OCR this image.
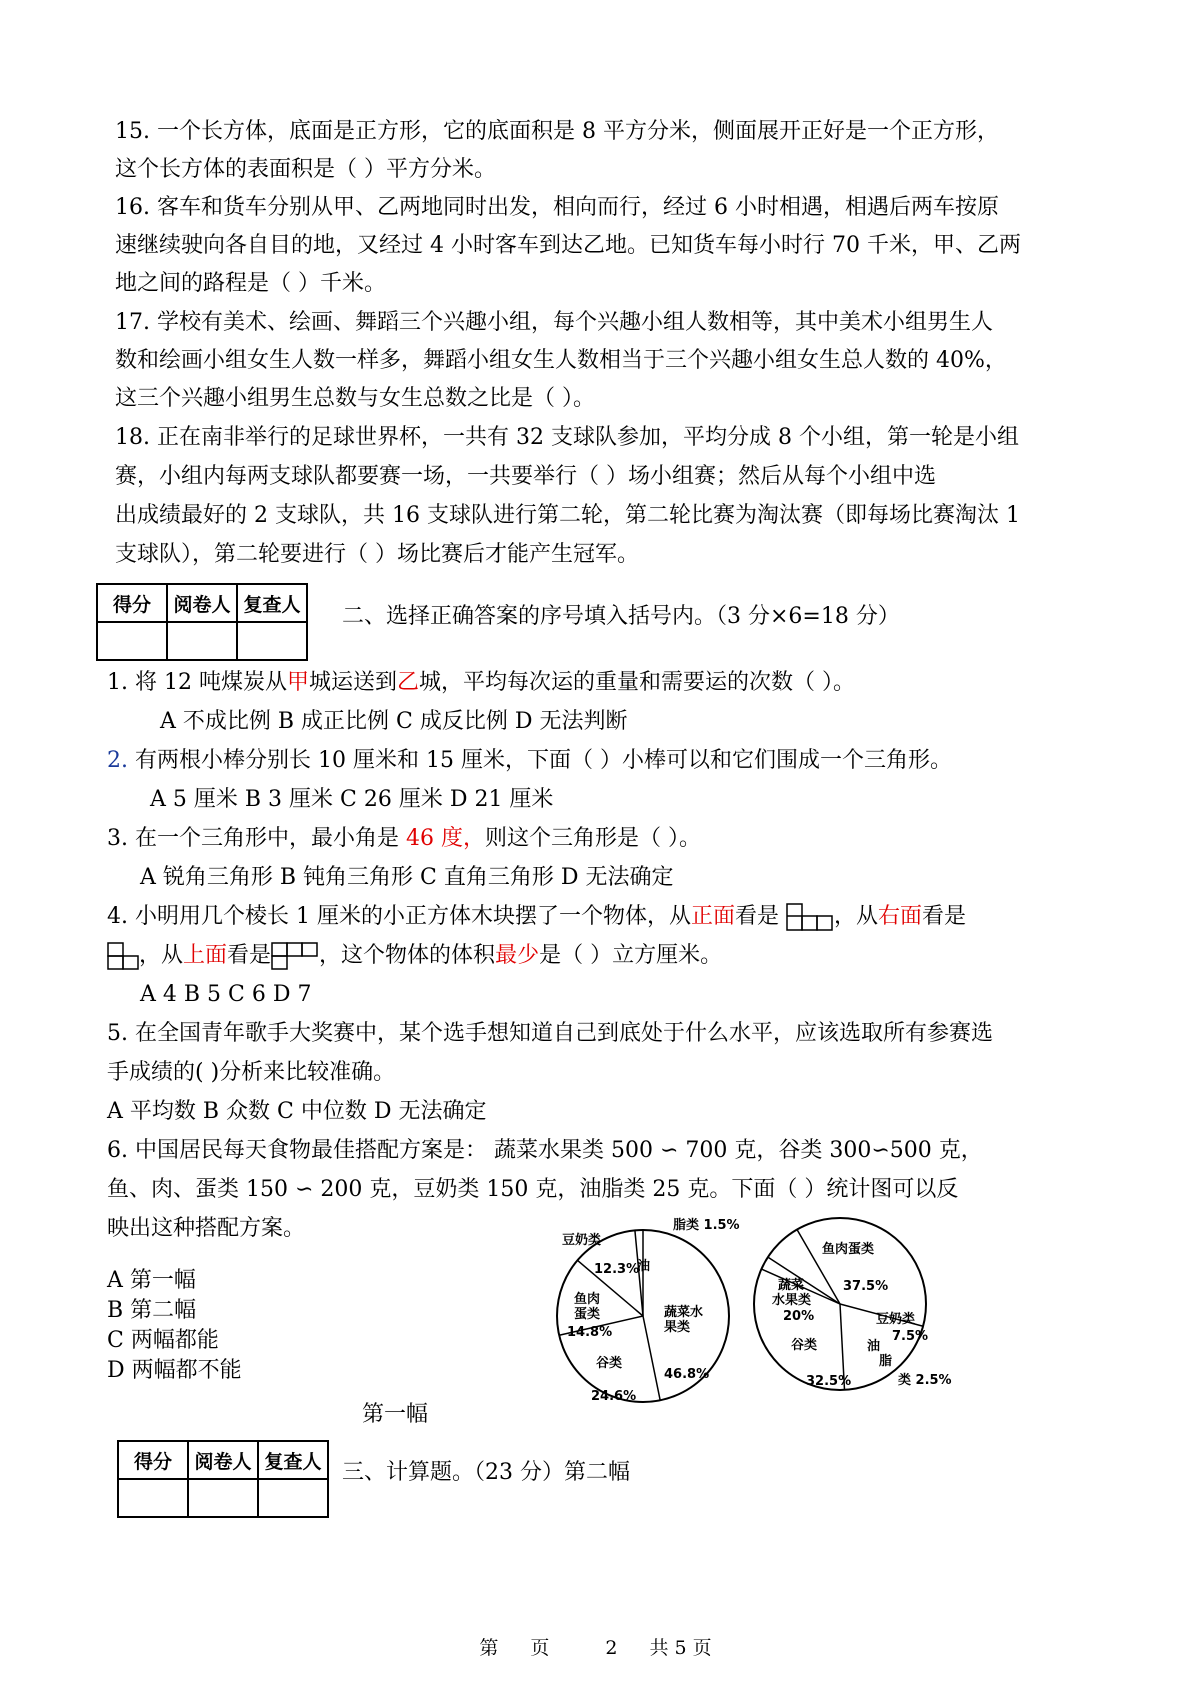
15. 一个长方体，底面是正方形，它的底面积是 8 平方分米，侧面展开正好是一个正方形，
这个长方体的表面积是（ ）平方分米。
16. 客车和货车分别从甲、乙两地同时出发，相向而行，经过 6 小时相遇，相遇后两车按原
速继续驶向各自目的地，又经过 4 小时客车到达乙地。已知货车每小时行 70 千米，甲、乙两
地之间的路程是（ ）千米。
17. 学校有美术、绘画、舞蹈三个兴趣小组，每个兴趣小组人数相等，其中美术小组男生人
数和绘画小组女生人数一样多，舞蹈小组女生人数相当于三个兴趣小组女生总人数的 40%，
这三个兴趣小组男生总数与女生总数之比是（ ）。
18. 正在南非举行的足球世界杯，一共有 32 支球队参加，平均分成 8 个小组，第一轮是小组
赛，小组内每两支球队都要赛一场，一共要举行（ ）场小组赛；然后从每个小组中选
出成绩最好的 2 支球队，共 16 支球队进行第二轮，第二轮比赛为淘汰赛（即每场比赛淘汰 1
支球队），第二轮要进行（ ）场比赛后才能产生冠军。
得分	阅卷人	复查人
		二、选择正确答案的序号填入括号内。（3 分×6=18 分）
1. 将 12 吨煤炭从甲城运送到乙城，平均每次运的重量和需要运的次数（ ）。
A 不成比例 B 成正比例 C 成反比例 D 无法判断
2. 有两根小棒分别长 10 厘米和 15 厘米，下面（ ）小棒可以和它们围成一个三角形。
A 5 厘米 B 3 厘米 C 26 厘米 D 21 厘米
3. 在一个三角形中，最小角是 46 度，则这个三角形是（ ）。
A 锐角三角形 B 钝角三角形 C 直角三角形 D 无法确定
4. 小明用几个棱长 1 厘米的小正方体木块摆了一个物体，从正面看是 ，从右面看是
，从上面看是 ，这个物体的体积最少是（ ）立方厘米。
A 4 B 5 C 6 D 7
5. 在全国青年歌手大奖赛中，某个选手想知道自己到底处于什么水平，应该选取所有参赛选
手成绩的( )分析来比较准确。
A 平均数 B 众数 C 中位数 D 无法确定
6. 中国居民每天食物最佳搭配方案是： 蔬菜水果类 500 ∽ 700 克，谷类 300∽500 克，
鱼、肉、蛋类 150 ∽ 200 克，豆奶类 150 克，油脂类 25 克。下面（ ）统计图可以反
映出这种搭配方案。
A 第一幅
B 第二幅
C 两幅都能
D 两幅都不能
豆奶类
脂类 1.5%
油
12.3%
鱼肉
蛋类
14.8%
蔬菜水
果类
46.8%
谷类
24.6%
鱼肉蛋类
37.5%
蔬菜
水果类
20%	豆奶类
7.5%
油
脂
类 2.5%
谷类
32.5%
第一幅
得分	阅卷人	复查人
		三、计算题。（23 分）第二幅
第 页	2 共 5 页
